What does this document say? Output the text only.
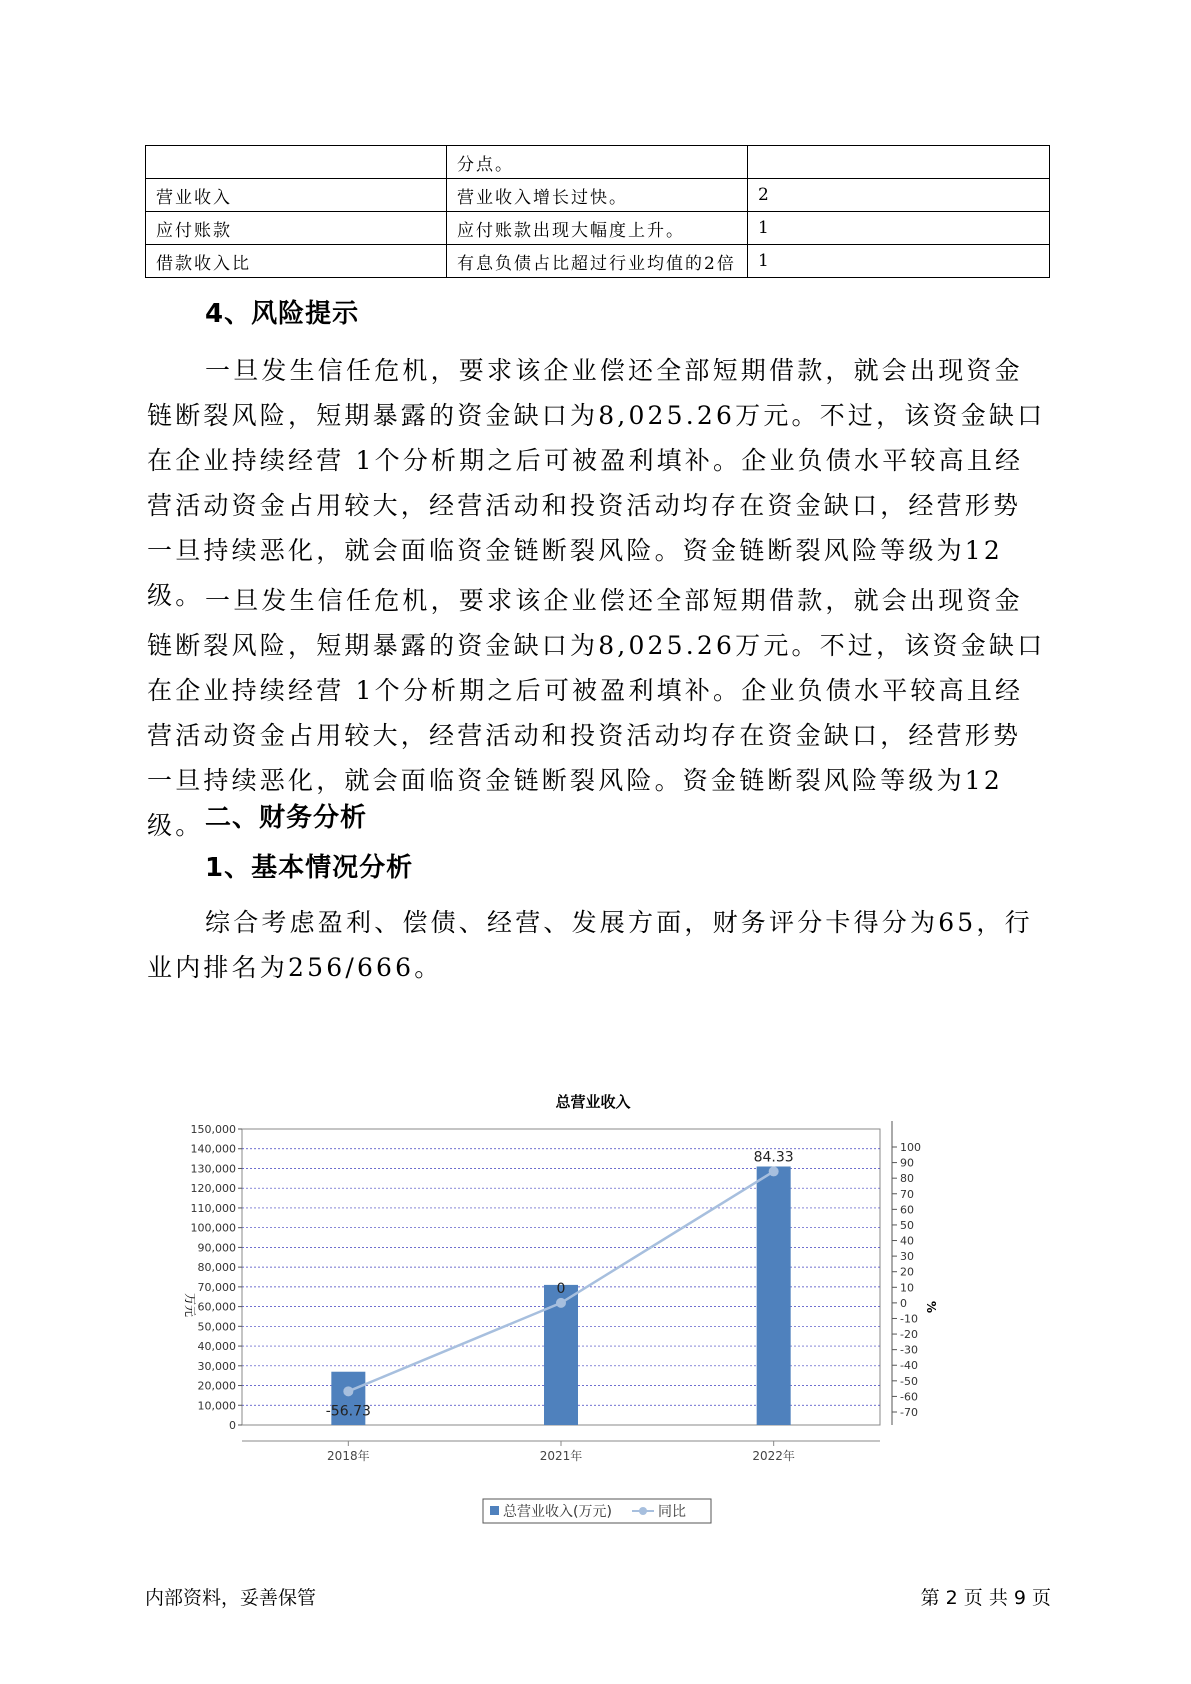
	分点。	
营业收入	营业收入增长过快。	2
应付账款	应付账款出现大幅度上升。	1
借款收入比	有息负债占比超过行业均值的2倍	1
4、风险提示

一旦发生信任危机，要求该企业偿还全部短期借款，就会出现资金链断裂风险，短期暴露的资金缺口为8,025.26万元。不过，该资金缺口在企业持续经营 1个分析期之后可被盈利填补。企业负债水平较高且经营活动资金占用较大，经营活动和投资活动均存在资金缺口，经营形势一旦持续恶化，就会面临资金链断裂风险。资金链断裂风险等级为12级。 一旦发生信任危机，要求该企业偿还全部短期借款，就会出现资金链断裂风险，短期暴露的资金缺口为8,025.26万元。不过，该资金缺口在企业持续经营 1个分析期之后可被盈利填补。企业负债水平较高且经营活动资金占用较大，经营活动和投资活动均存在资金缺口，经营形势一旦持续恶化，就会面临资金链断裂风险。资金链断裂风险等级为12级。 二、财务分析
1、基本情况分析

综合考虑盈利、偿债、经营、发展方面，财务评分卡得分为65，行业内排名为256/666。

总营业收入
万元	%
-56.73
0
84.33
0
10,000
20,000
30,000
40,000
50,000
60,000
70,000
80,000
90,000
100,000
110,000
120,000
130,000
140,000
150,000
-70
-60
-50
-40
-30
-20
-10
0
10
20
30
40
50
60
70
80
90
100
2018年	2021年	2022年
总营业收入(万元)	同比
内部资料，妥善保管	第 2 页 共 9 页
